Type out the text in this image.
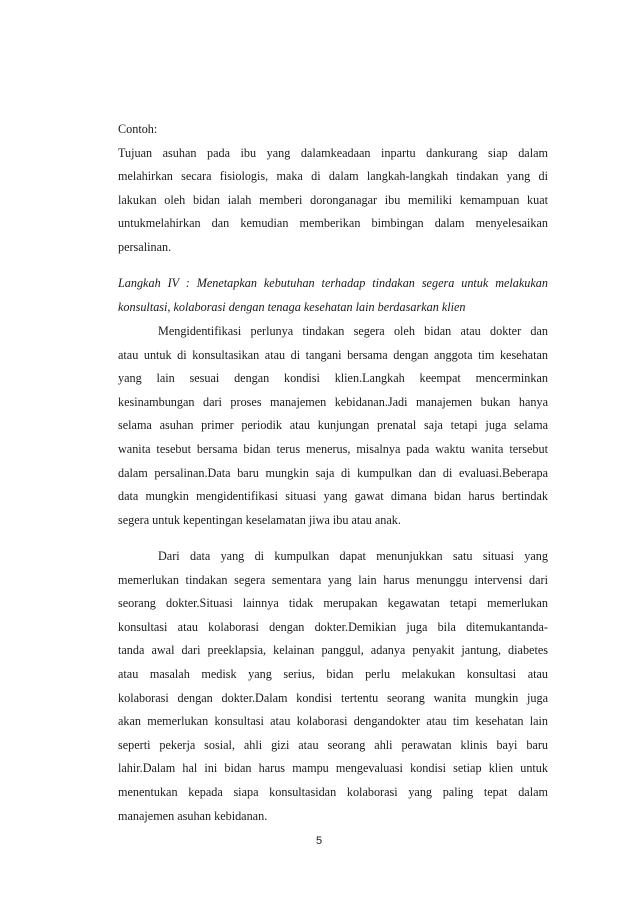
Contoh:
Tujuan asuhan pada ibu yang dalamkeadaan inpartu dankurang siap dalam
melahirkan secara fisiologis, maka di dalam langkah-langkah tindakan yang di
lakukan oleh bidan ialah memberi doronganagar ibu memiliki kemampuan kuat
untukmelahirkan dan kemudian memberikan bimbingan dalam menyelesaikan
persalinan.
Langkah IV : Menetapkan kebutuhan terhadap tindakan segera untuk melakukan
konsultasi, kolaborasi dengan tenaga kesehatan lain berdasarkan klien
Mengidentifikasi perlunya tindakan segera oleh bidan atau dokter dan
atau untuk di konsultasikan atau di tangani bersama dengan anggota tim kesehatan
yang lain sesuai dengan kondisi klien.Langkah keempat mencerminkan
kesinambungan dari proses manajemen kebidanan.Jadi manajemen bukan hanya
selama asuhan primer periodik atau kunjungan prenatal saja tetapi juga selama
wanita tesebut bersama bidan terus menerus, misalnya pada waktu wanita tersebut
dalam persalinan.Data baru mungkin saja di kumpulkan dan di evaluasi.Beberapa
data mungkin mengidentifikasi situasi yang gawat dimana bidan harus bertindak
segera untuk kepentingan keselamatan jiwa ibu atau anak.
Dari data yang di kumpulkan dapat menunjukkan satu situasi yang
memerlukan tindakan segera sementara yang lain harus menunggu intervensi dari
seorang dokter.Situasi lainnya tidak merupakan kegawatan tetapi memerlukan
konsultasi atau kolaborasi dengan dokter.Demikian juga bila ditemukantanda-
tanda awal dari preeklapsia, kelainan panggul, adanya penyakit jantung, diabetes
atau masalah medisk yang serius, bidan perlu melakukan konsultasi atau
kolaborasi dengan dokter.Dalam kondisi tertentu seorang wanita mungkin juga
akan memerlukan konsultasi atau kolaborasi dengandokter atau tim kesehatan lain
seperti pekerja sosial, ahli gizi atau seorang ahli perawatan klinis bayi baru
lahir.Dalam hal ini bidan harus mampu mengevaluasi kondisi setiap klien untuk
menentukan kepada siapa konsultasidan kolaborasi yang paling tepat dalam
manajemen asuhan kebidanan.
5
